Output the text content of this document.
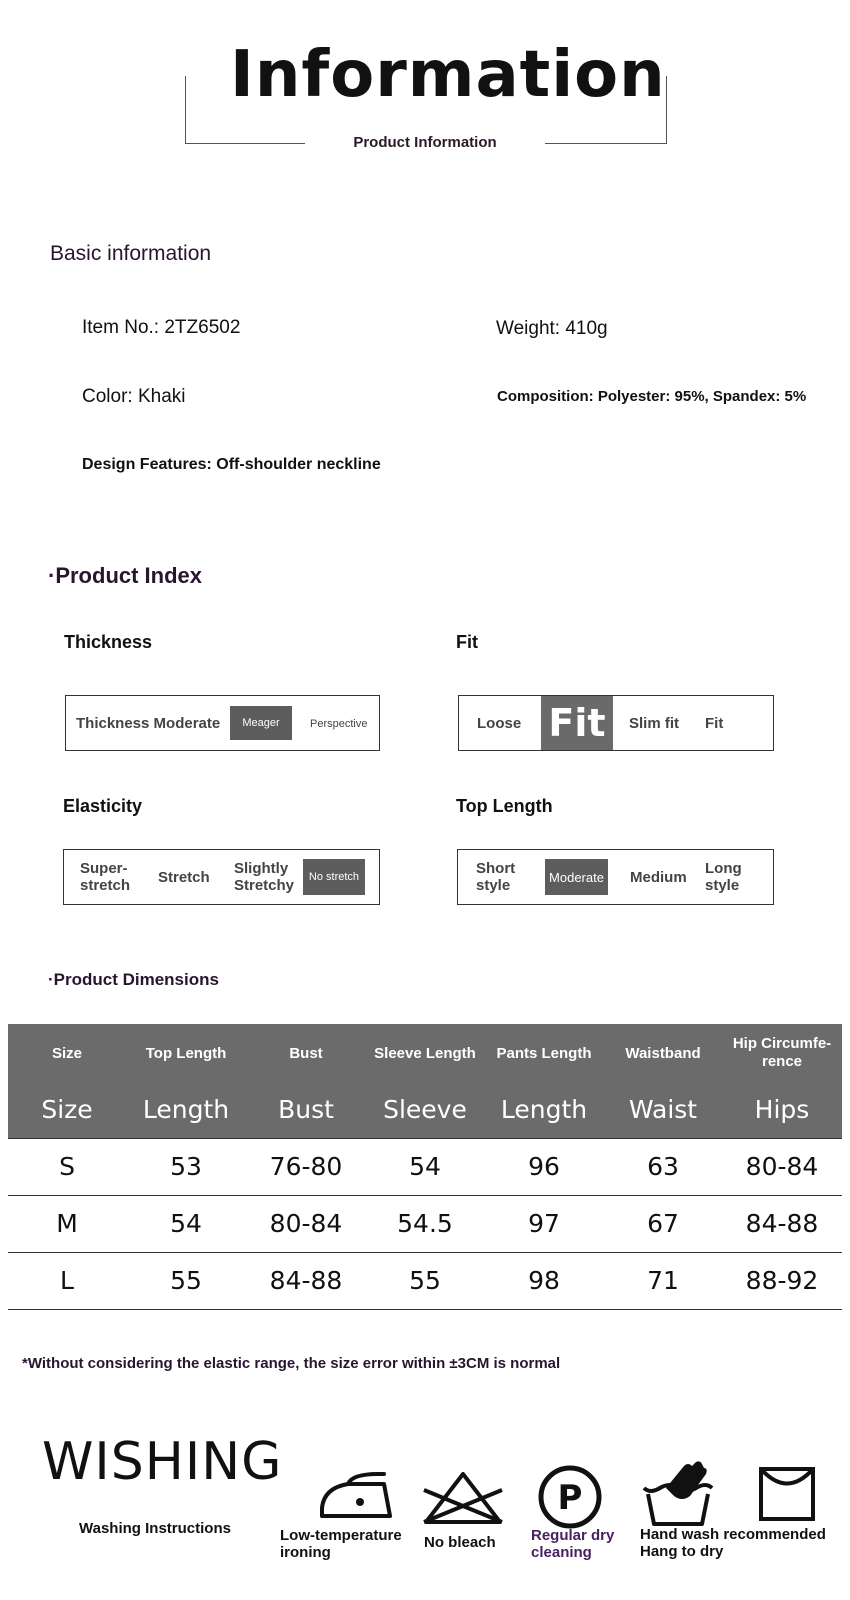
Information
Product Information
Basic information
Item No.: 2TZ6502	Weight: 410g
Color: Khaki	Composition: Polyester: 95%, Spandex: 5%
Design Features: Off-shoulder neckline
·Product Index
Thickness
Thickness Moderate	Meager	Perspective
Fit
Loose Fit	Slim fit Fit
Elasticity
Super-
stretch Stretch
Slightly
Stretchy
No stretch
Top Length
Short
style	Moderate Medium
Long
style
·Product Dimensions
Size	Top Length	Bust	Sleeve Length	Pants Length	Waistband	Hip Circumfe-
rence
Size	Length	Bust	Sleeve	Length	Waist	Hips
S	53	76-80	54	96	63	80-84
M	54	80-84	54.5	97	67	84-88
L	55	84-88	55	98	71	88-92
*Without considering the elastic range, the size error within ±3CM is normal
WISHING
Washing Instructions	Low-temperature
ironing
No bleach
P
Regular dry
cleaning
Hand wash recommended
Hang to dry
